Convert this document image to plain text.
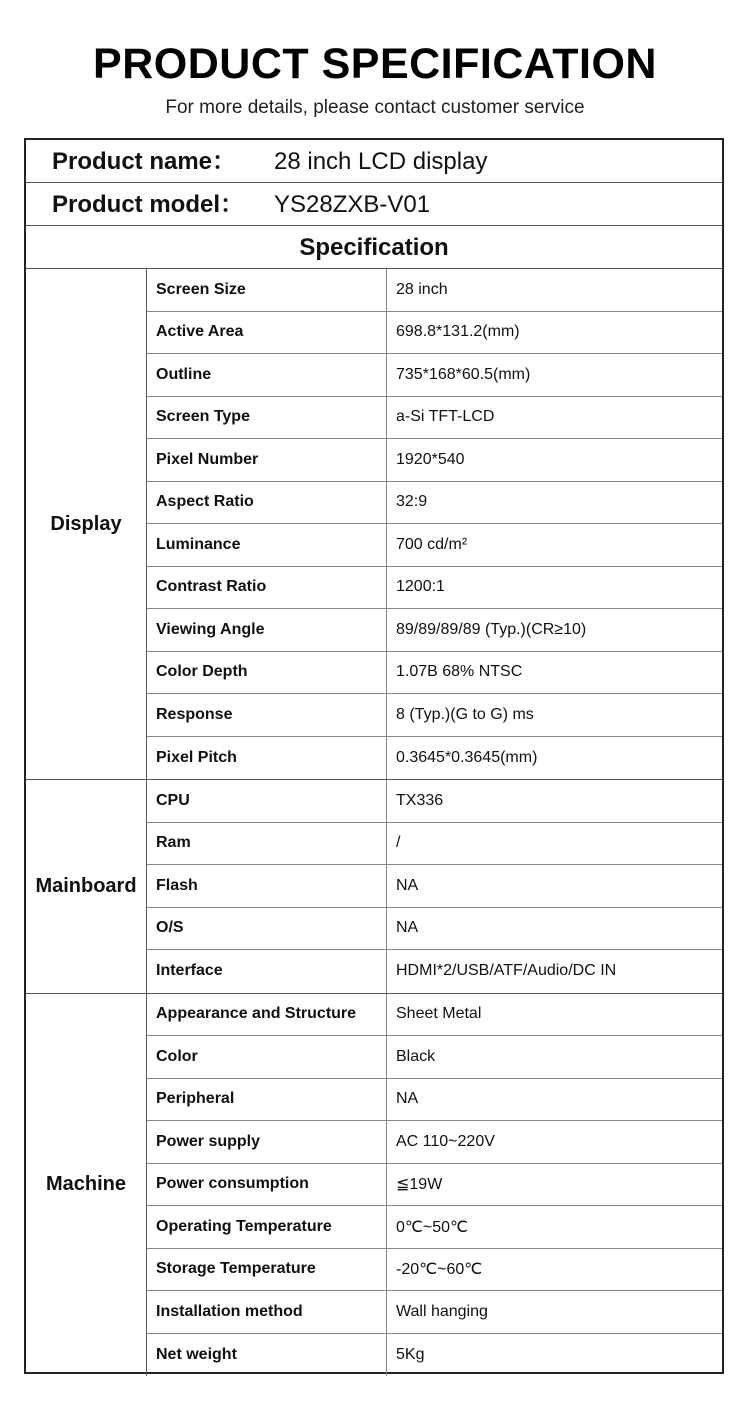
PRODUCT SPECIFICATION
For more details, please contact customer service
Product name： 28 inch LCD display
Product model： YS28ZXB-V01
Specification
Display
Screen Size	28 inch
Active Area	698.8*131.2(mm)
Outline	735*168*60.5(mm)
Screen Type	a-Si TFT-LCD
Pixel Number	1920*540
Aspect Ratio	32:9
Luminance	700 cd/m²
Contrast Ratio	1200:1
Viewing Angle	89/89/89/89 (Typ.)(CR≥10)
Color Depth	1.07B 68% NTSC
Response	8 (Typ.)(G to G) ms
Pixel Pitch	0.3645*0.3645(mm)
Mainboard
CPU	TX336
Ram	/
Flash	NA
O/S	NA
Interface	HDMI*2/USB/ATF/Audio/DC IN
Machine
Appearance and Structure	Sheet Metal
Color	Black
Peripheral	NA
Power supply	AC 110~220V
Power consumption	≦19W
Operating Temperature	0℃~50℃
Storage Temperature	-20℃~60℃
Installation method	Wall hanging
Net weight	5Kg
